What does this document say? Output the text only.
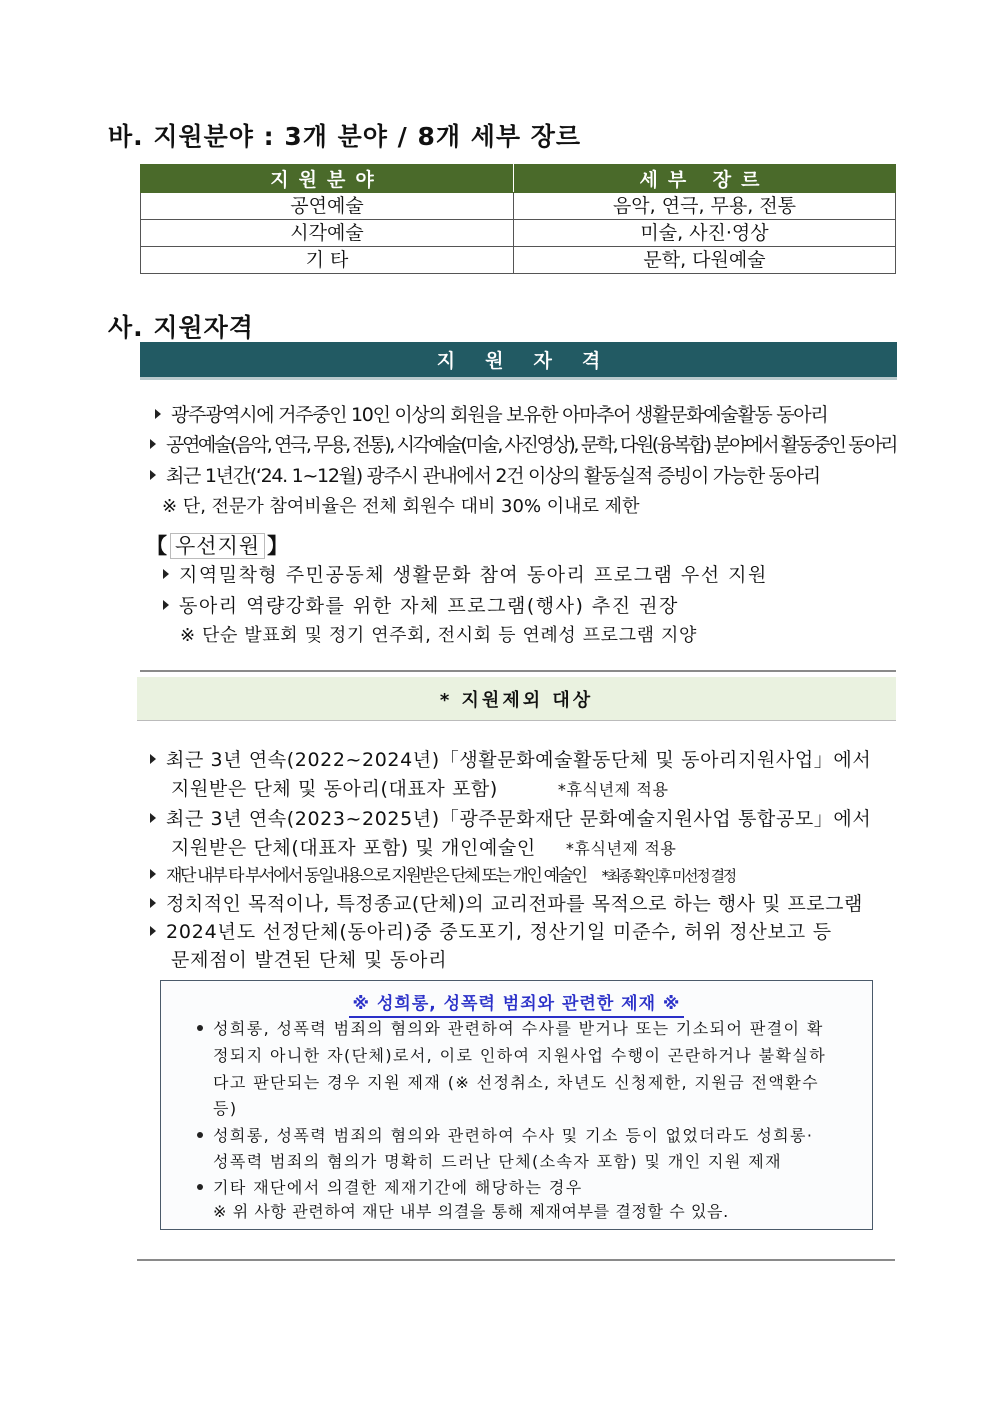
바. 지원분야 : 3개 분야 / 8개 세부 장르
지원분야	세부 장르
공연예술	음악, 연극, 무용, 전통
시각예술	미술, 사진·영상
기 타	문학, 다원예술
사. 지원자격
지원자격
광주광역시에 거주중인 10인 이상의 회원을 보유한 아마추어 생활문화예술활동 동아리
공연예술(음악, 연극, 무용, 전통), 시각예술(미술, 사진영상), 문학, 다원(융복합) 분야에서 활동중인 동아리
최근 1년간(‘24. 1~12월) 광주시 관내에서 2건 이상의 활동실적 증빙이 가능한 동아리
※ 단, 전문가 참여비율은 전체 회원수 대비 30% 이내로 제한
【 우선지원 】
지역밀착형 주민공동체 생활문화 참여 동아리 프로그램 우선 지원
동아리 역량강화를 위한 자체 프로그램(행사) 추진 권장
※ 단순 발표회 및 정기 연주회, 전시회 등 연례성 프로그램 지양
* 지원제외 대상
최근 3년 연속(2022~2024년)「생활문화예술활동단체 및 동아리지원사업」에서
지원받은 단체 및 동아리(대표자 포함)	*휴식년제 적용
최근 3년 연속(2023~2025년)「광주문화재단 문화예술지원사업 통합공모」에서
지원받은 단체(대표자 포함) 및 개인예술인 *휴식년제 적용
재단 내부 타 부서에서 동일내용으로 지원받은 단체 또는 개인 예술인 *최종 확인후 미선정 결정
정치적인 목적이나, 특정종교(단체)의 교리전파를 목적으로 하는 행사 및 프로그램
2024년도 선정단체(동아리)중 중도포기, 정산기일 미준수, 허위 정산보고 등
문제점이 발견된 단체 및 동아리
※ 성희롱, 성폭력 범죄와 관련한 제재 ※
성희롱, 성폭력 범죄의 혐의와 관련하여 수사를 받거나 또는 기소되어 판결이 확
정되지 아니한 자(단체)로서, 이로 인하여 지원사업 수행이 곤란하거나 불확실하
다고 판단되는 경우 지원 제재 (※ 선정취소, 차년도 신청제한, 지원금 전액환수
등)
성희롱, 성폭력 범죄의 혐의와 관련하여 수사 및 기소 등이 없었더라도 성희롱·
성폭력 범죄의 혐의가 명확히 드러난 단체(소속자 포함) 및 개인 지원 제재
기타 재단에서 의결한 제재기간에 해당하는 경우
※ 위 사항 관련하여 재단 내부 의결을 통해 제재여부를 결정할 수 있음.
